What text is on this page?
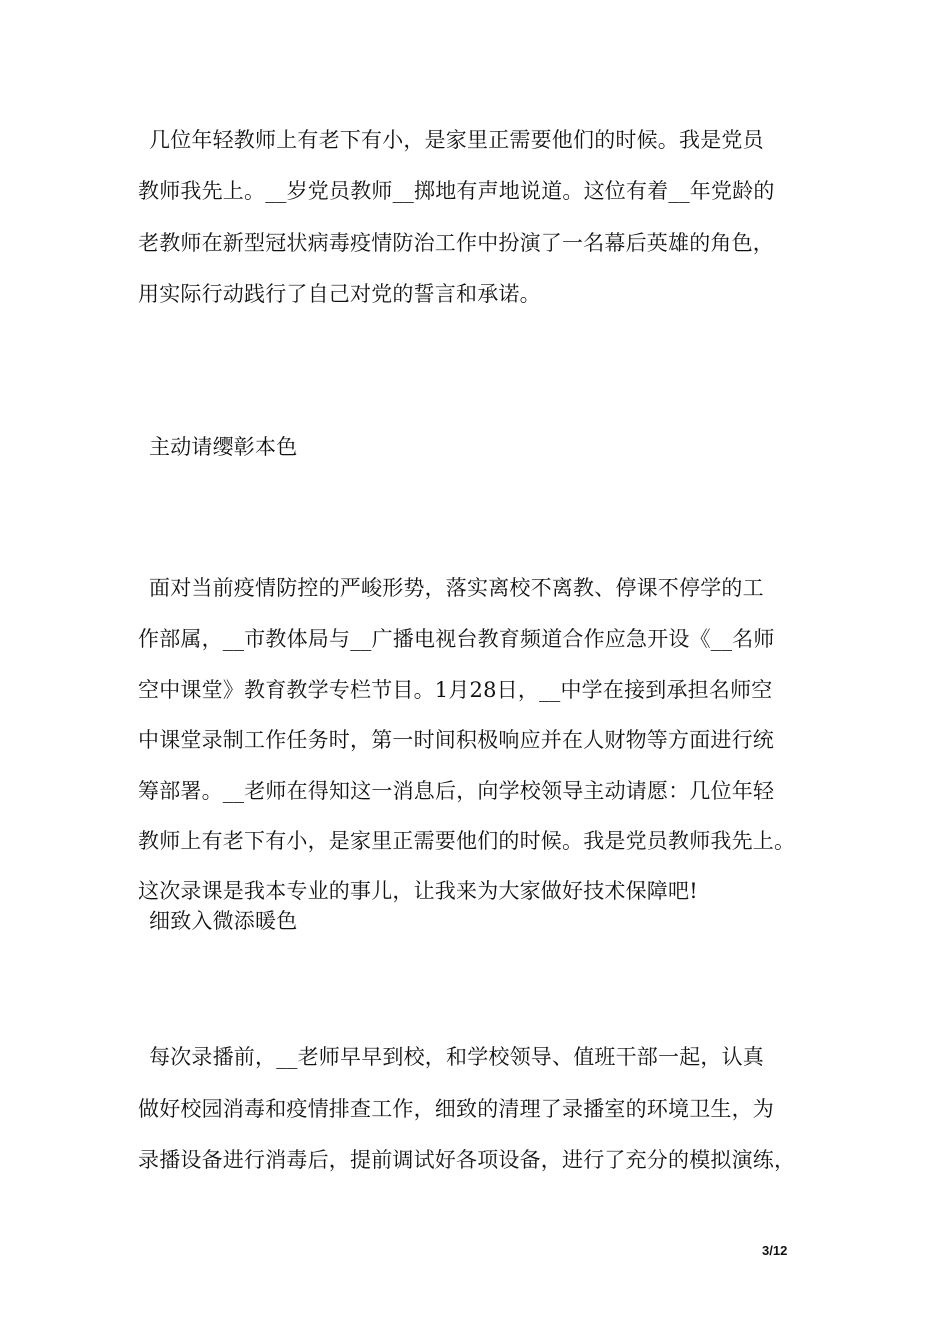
几位年轻教师上有老下有小，是家里正需要他们的时候。我是党员
教师我先上。__岁党员教师__掷地有声地说道。这位有着__年党龄的
老教师在新型冠状病毒疫情防治工作中扮演了一名幕后英雄的角色，
用实际行动践行了自己对党的誓言和承诺。
主动请缨彰本色
面对当前疫情防控的严峻形势，落实离校不离教、停课不停学的工
作部属，__市教体局与__广播电视台教育频道合作应急开设《__名师
空中课堂》教育教学专栏节目。1月28日，__中学在接到承担名师空
中课堂录制工作任务时，第一时间积极响应并在人财物等方面进行统
筹部署。__老师在得知这一消息后，向学校领导主动请愿：几位年轻
教师上有老下有小，是家里正需要他们的时候。我是党员教师我先上。
这次录课是我本专业的事儿，让我来为大家做好技术保障吧!
细致入微添暖色
每次录播前，__老师早早到校，和学校领导、值班干部一起，认真
做好校园消毒和疫情排查工作，细致的清理了录播室的环境卫生，为
录播设备进行消毒后，提前调试好各项设备，进行了充分的模拟演练，
3/12
